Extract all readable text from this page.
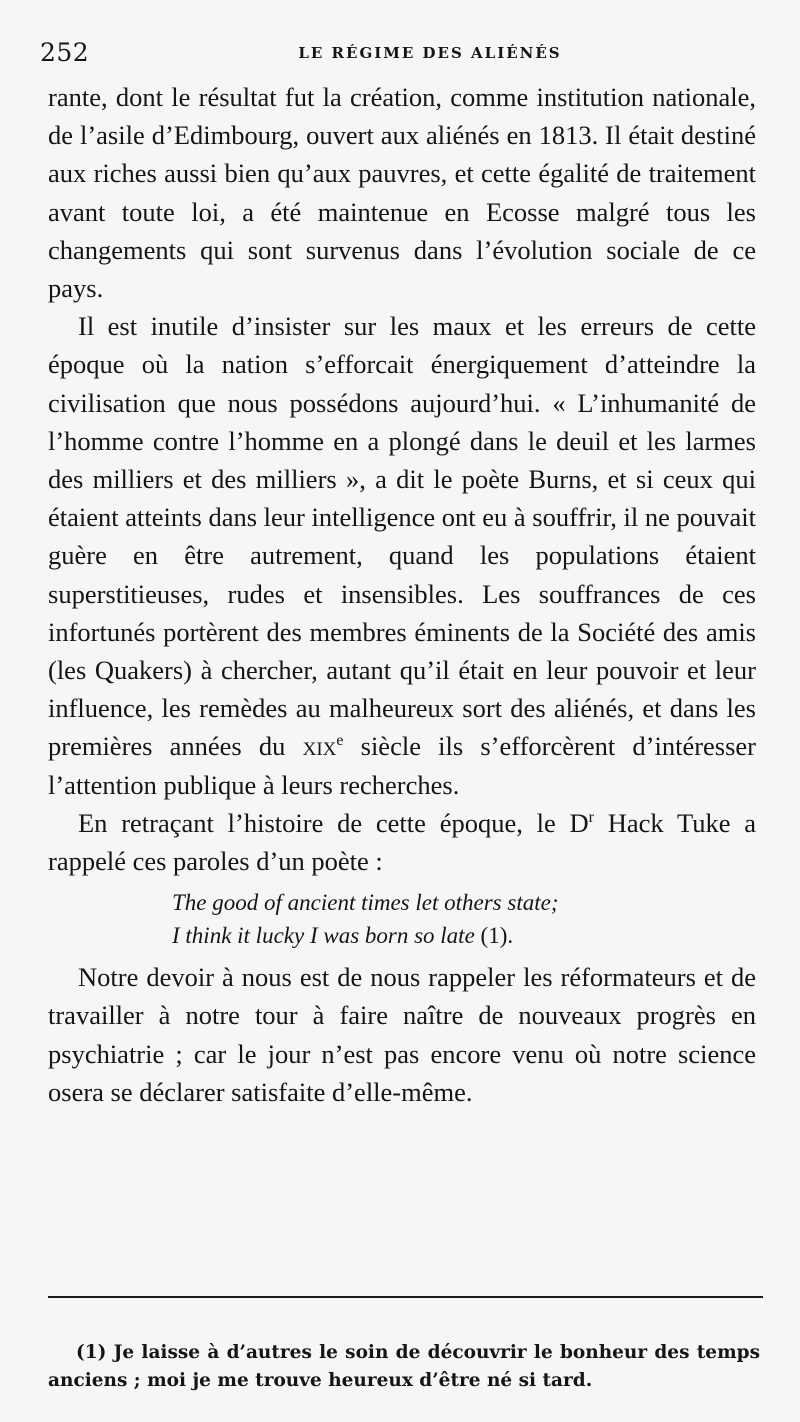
252	LE RÉGIME DES ALIÉNÉS

rante, dont le résultat fut la création, comme institution nationale, de l’asile d’Edimbourg, ouvert aux aliénés en 1813. Il était destiné aux riches aussi bien qu’aux pauvres, et cette égalité de traitement avant toute loi, a été maintenue en Ecosse malgré tous les changements qui sont survenus dans l’évolution sociale de ce pays.

Il est inutile d’insister sur les maux et les erreurs de cette époque où la nation s’efforcait énergiquement d’atteindre la civilisation que nous possédons aujourd’hui. « L’inhumanité de l’homme contre l’homme en a plongé dans le deuil et les larmes des milliers et des milliers », a dit le poète Burns, et si ceux qui étaient atteints dans leur intelligence ont eu à souffrir, il ne pouvait guère en être autrement, quand les populations étaient superstitieuses, rudes et insensibles. Les souffrances de ces infortunés portèrent des membres éminents de la Société des amis (les Quakers) à chercher, autant qu’il était en leur pouvoir et leur influence, les remèdes au malheureux sort des aliénés, et dans les premières années du xix$^e$ siècle ils s’efforcèrent d’intéresser l’attention publique à leurs recherches.

En retraçant l’histoire de cette époque, le $D^r$ Hack Tuke a rappelé ces paroles d’un poète :

The good of ancient times let others state;
I think it lucky I was born so late (1).

Notre devoir à nous est de nous rappeler les réformateurs et de travailler à notre tour à faire naître de nouveaux progrès en psychiatrie ; car le jour n’est pas encore venu où notre science osera se déclarer satisfaite d’elle-même.

(1) Je laisse à d’autres le soin de découvrir le bonheur des temps anciens ; moi je me trouve heureux d’être né si tard.
